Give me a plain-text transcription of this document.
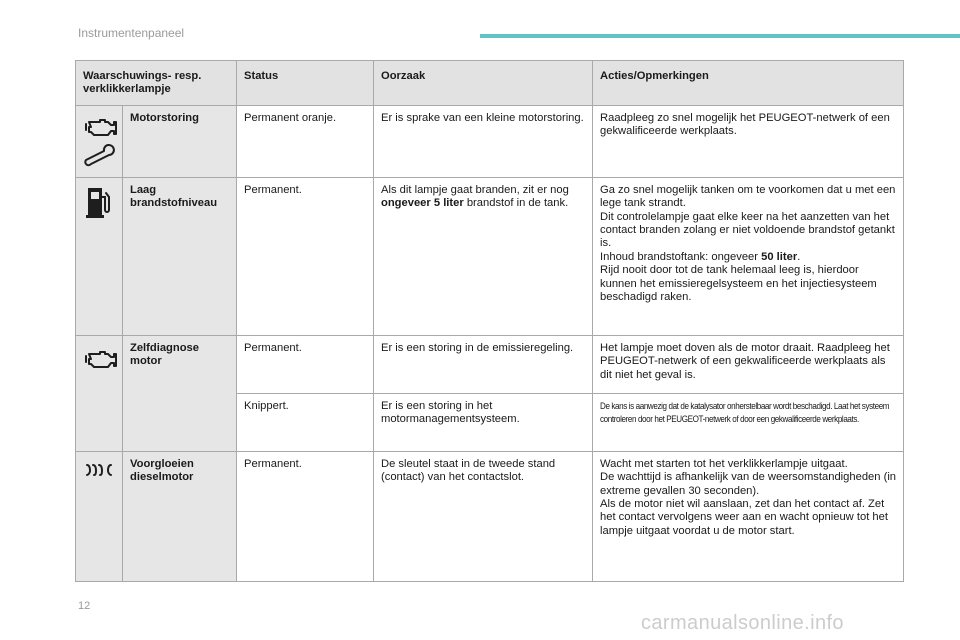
Instrumentenpaneel
Waarschuwings- resp. verklikkerlampje		Status	Oorzaak	Acties/Opmerkingen

	Motorstoring	Permanent oranje.	Er is sprake van een kleine motorstoring.	Raadpleeg zo snel mogelijk het PEUGEOT-netwerk of een gekwalificeerde werkplaats.

	Laag brandstofniveau	Permanent.	Als dit lampje gaat branden, zit er nog ongeveer 5 liter brandstof in de tank.	Ga zo snel mogelijk tanken om te voorkomen dat u met een lege tank strandt.
Dit controlelampje gaat elke keer na het aanzetten van het contact branden zolang er niet voldoende brandstof getankt is.
Inhoud brandstoftank: ongeveer 50 liter.
Rijd nooit door tot de tank helemaal leeg is, hierdoor kunnen het emissieregelsysteem en het injectiesysteem beschadigd raken.

	Zelfdiagnose motor	Permanent.	Er is een storing in de emissieregeling.	Het lampje moet doven als de motor draait. Raadpleeg het PEUGEOT-netwerk of een gekwalificeerde werkplaats als dit niet het geval is.
		Knippert.	Er is een storing in het motormanagementsysteem.	De kans is aanwezig dat de katalysator onherstelbaar wordt beschadigd. Laat het systeem controleren door het PEUGEOT-netwerk of door een gekwalificeerde werkplaats.

	Voorgloeien dieselmotor	Permanent.	De sleutel staat in de tweede stand (contact) van het contactslot.	Wacht met starten tot het verklikkerlampje uitgaat.
De wachttijd is afhankelijk van de weersomstandigheden (in extreme gevallen 30 seconden).
Als de motor niet wil aanslaan, zet dan het contact af. Zet het contact vervolgens weer aan en wacht opnieuw tot het lampje uitgaat voordat u de motor start.
12
carmanualsonline.info
